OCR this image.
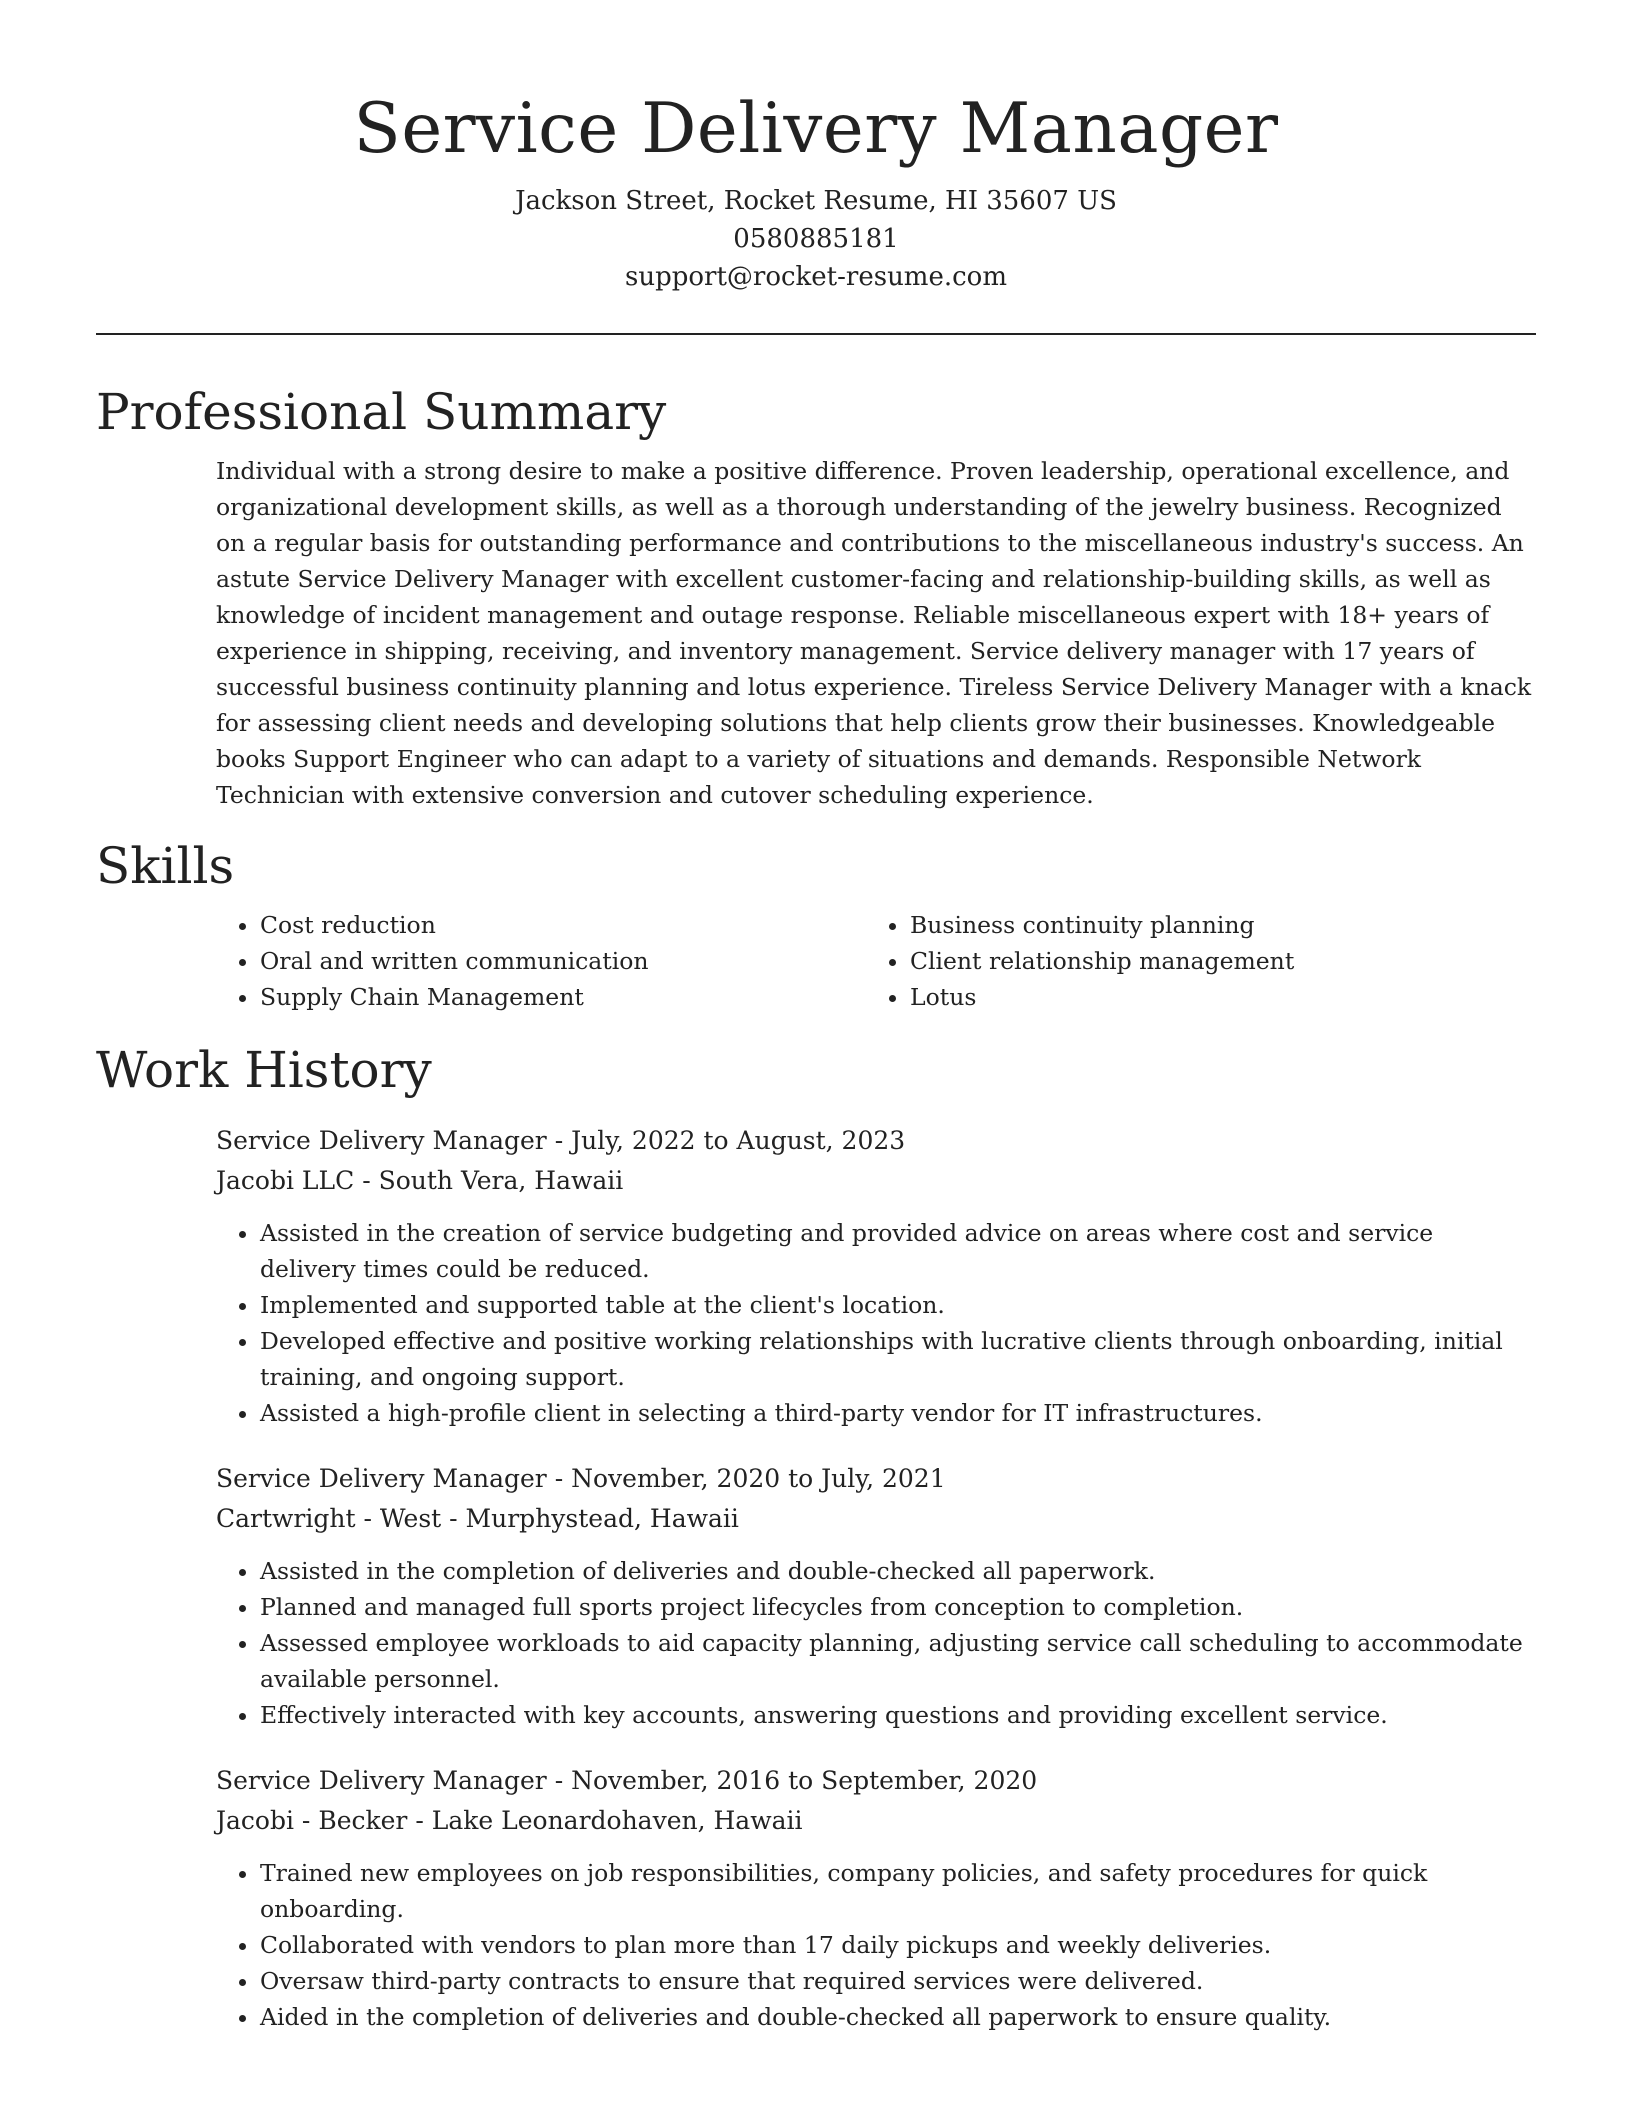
Service Delivery Manager
Jackson Street, Rocket Resume, HI 35607 US
0580885181
support@rocket-resume.com
Professional Summary

Individual with a strong desire to make a positive difference. Proven leadership, operational excellence, and organizational development skills, as well as a thorough understanding of the jewelry business. Recognized on a regular basis for outstanding performance and contributions to the miscellaneous industry's success. An astute Service Delivery Manager with excellent customer-facing and relationship-building skills, as well as knowledge of incident management and outage response. Reliable miscellaneous expert with 18+ years of experience in shipping, receiving, and inventory management. Service delivery manager with 17 years of successful business continuity planning and lotus experience. Tireless Service Delivery Manager with a knack for assessing client needs and developing solutions that help clients grow their businesses. Knowledgeable books Support Engineer who can adapt to a variety of situations and demands. Responsible Network Technician with extensive conversion and cutover scheduling experience.

Skills
• Cost reduction
• Oral and written communication
• Supply Chain Management
• Business continuity planning
• Client relationship management
• Lotus
Work History
Service Delivery Manager - July, 2022 to August, 2023
Jacobi LLC - South Vera, Hawaii
• Assisted in the creation of service budgeting and provided advice on areas where cost and service delivery times could be reduced.
• Implemented and supported table at the client's location.
• Developed effective and positive working relationships with lucrative clients through onboarding, initial training, and ongoing support.
• Assisted a high-profile client in selecting a third-party vendor for IT infrastructures.
Service Delivery Manager - November, 2020 to July, 2021
Cartwright - West - Murphystead, Hawaii
• Assisted in the completion of deliveries and double-checked all paperwork.
• Planned and managed full sports project lifecycles from conception to completion.
• Assessed employee workloads to aid capacity planning, adjusting service call scheduling to accommodate available personnel.
• Effectively interacted with key accounts, answering questions and providing excellent service.
Service Delivery Manager - November, 2016 to September, 2020
Jacobi - Becker - Lake Leonardohaven, Hawaii
• Trained new employees on job responsibilities, company policies, and safety procedures for quick onboarding.
• Collaborated with vendors to plan more than 17 daily pickups and weekly deliveries.
• Oversaw third-party contracts to ensure that required services were delivered.
• Aided in the completion of deliveries and double-checked all paperwork to ensure quality.
